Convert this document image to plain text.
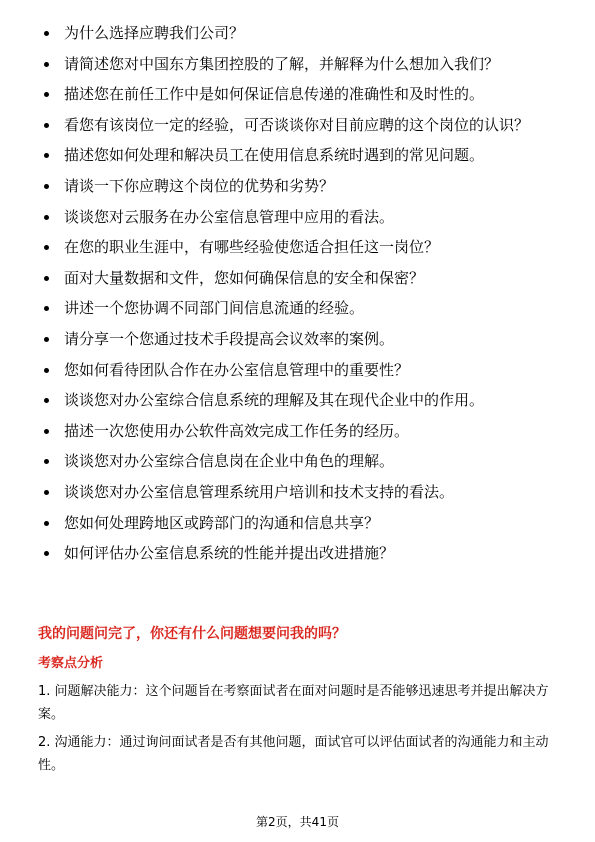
为什么选择应聘我们公司？
请简述您对中国东方集团控股的了解，并解释为什么想加入我们？
描述您在前任工作中是如何保证信息传递的准确性和及时性的。
看您有该岗位一定的经验，可否谈谈你对目前应聘的这个岗位的认识？
描述您如何处理和解决员工在使用信息系统时遇到的常见问题。
请谈一下你应聘这个岗位的优势和劣势？
谈谈您对云服务在办公室信息管理中应用的看法。
在您的职业生涯中，有哪些经验使您适合担任这一岗位？
面对大量数据和文件，您如何确保信息的安全和保密？
讲述一个您协调不同部门间信息流通的经验。
请分享一个您通过技术手段提高会议效率的案例。
您如何看待团队合作在办公室信息管理中的重要性？
谈谈您对办公室综合信息系统的理解及其在现代企业中的作用。
描述一次您使用办公软件高效完成工作任务的经历。
谈谈您对办公室综合信息岗在企业中角色的理解。
谈谈您对办公室信息管理系统用户培训和技术支持的看法。
您如何处理跨地区或跨部门的沟通和信息共享？
如何评估办公室信息系统的性能并提出改进措施？
我的问题问完了，你还有什么问题想要问我的吗？
考察点分析

1. 问题解决能力：这个问题旨在考察面试者在面对问题时是否能够迅速思考并提出解决方案。

2. 沟通能力：通过询问面试者是否有其他问题，面试官可以评估面试者的沟通能力和主动性。

第2页，共41页
